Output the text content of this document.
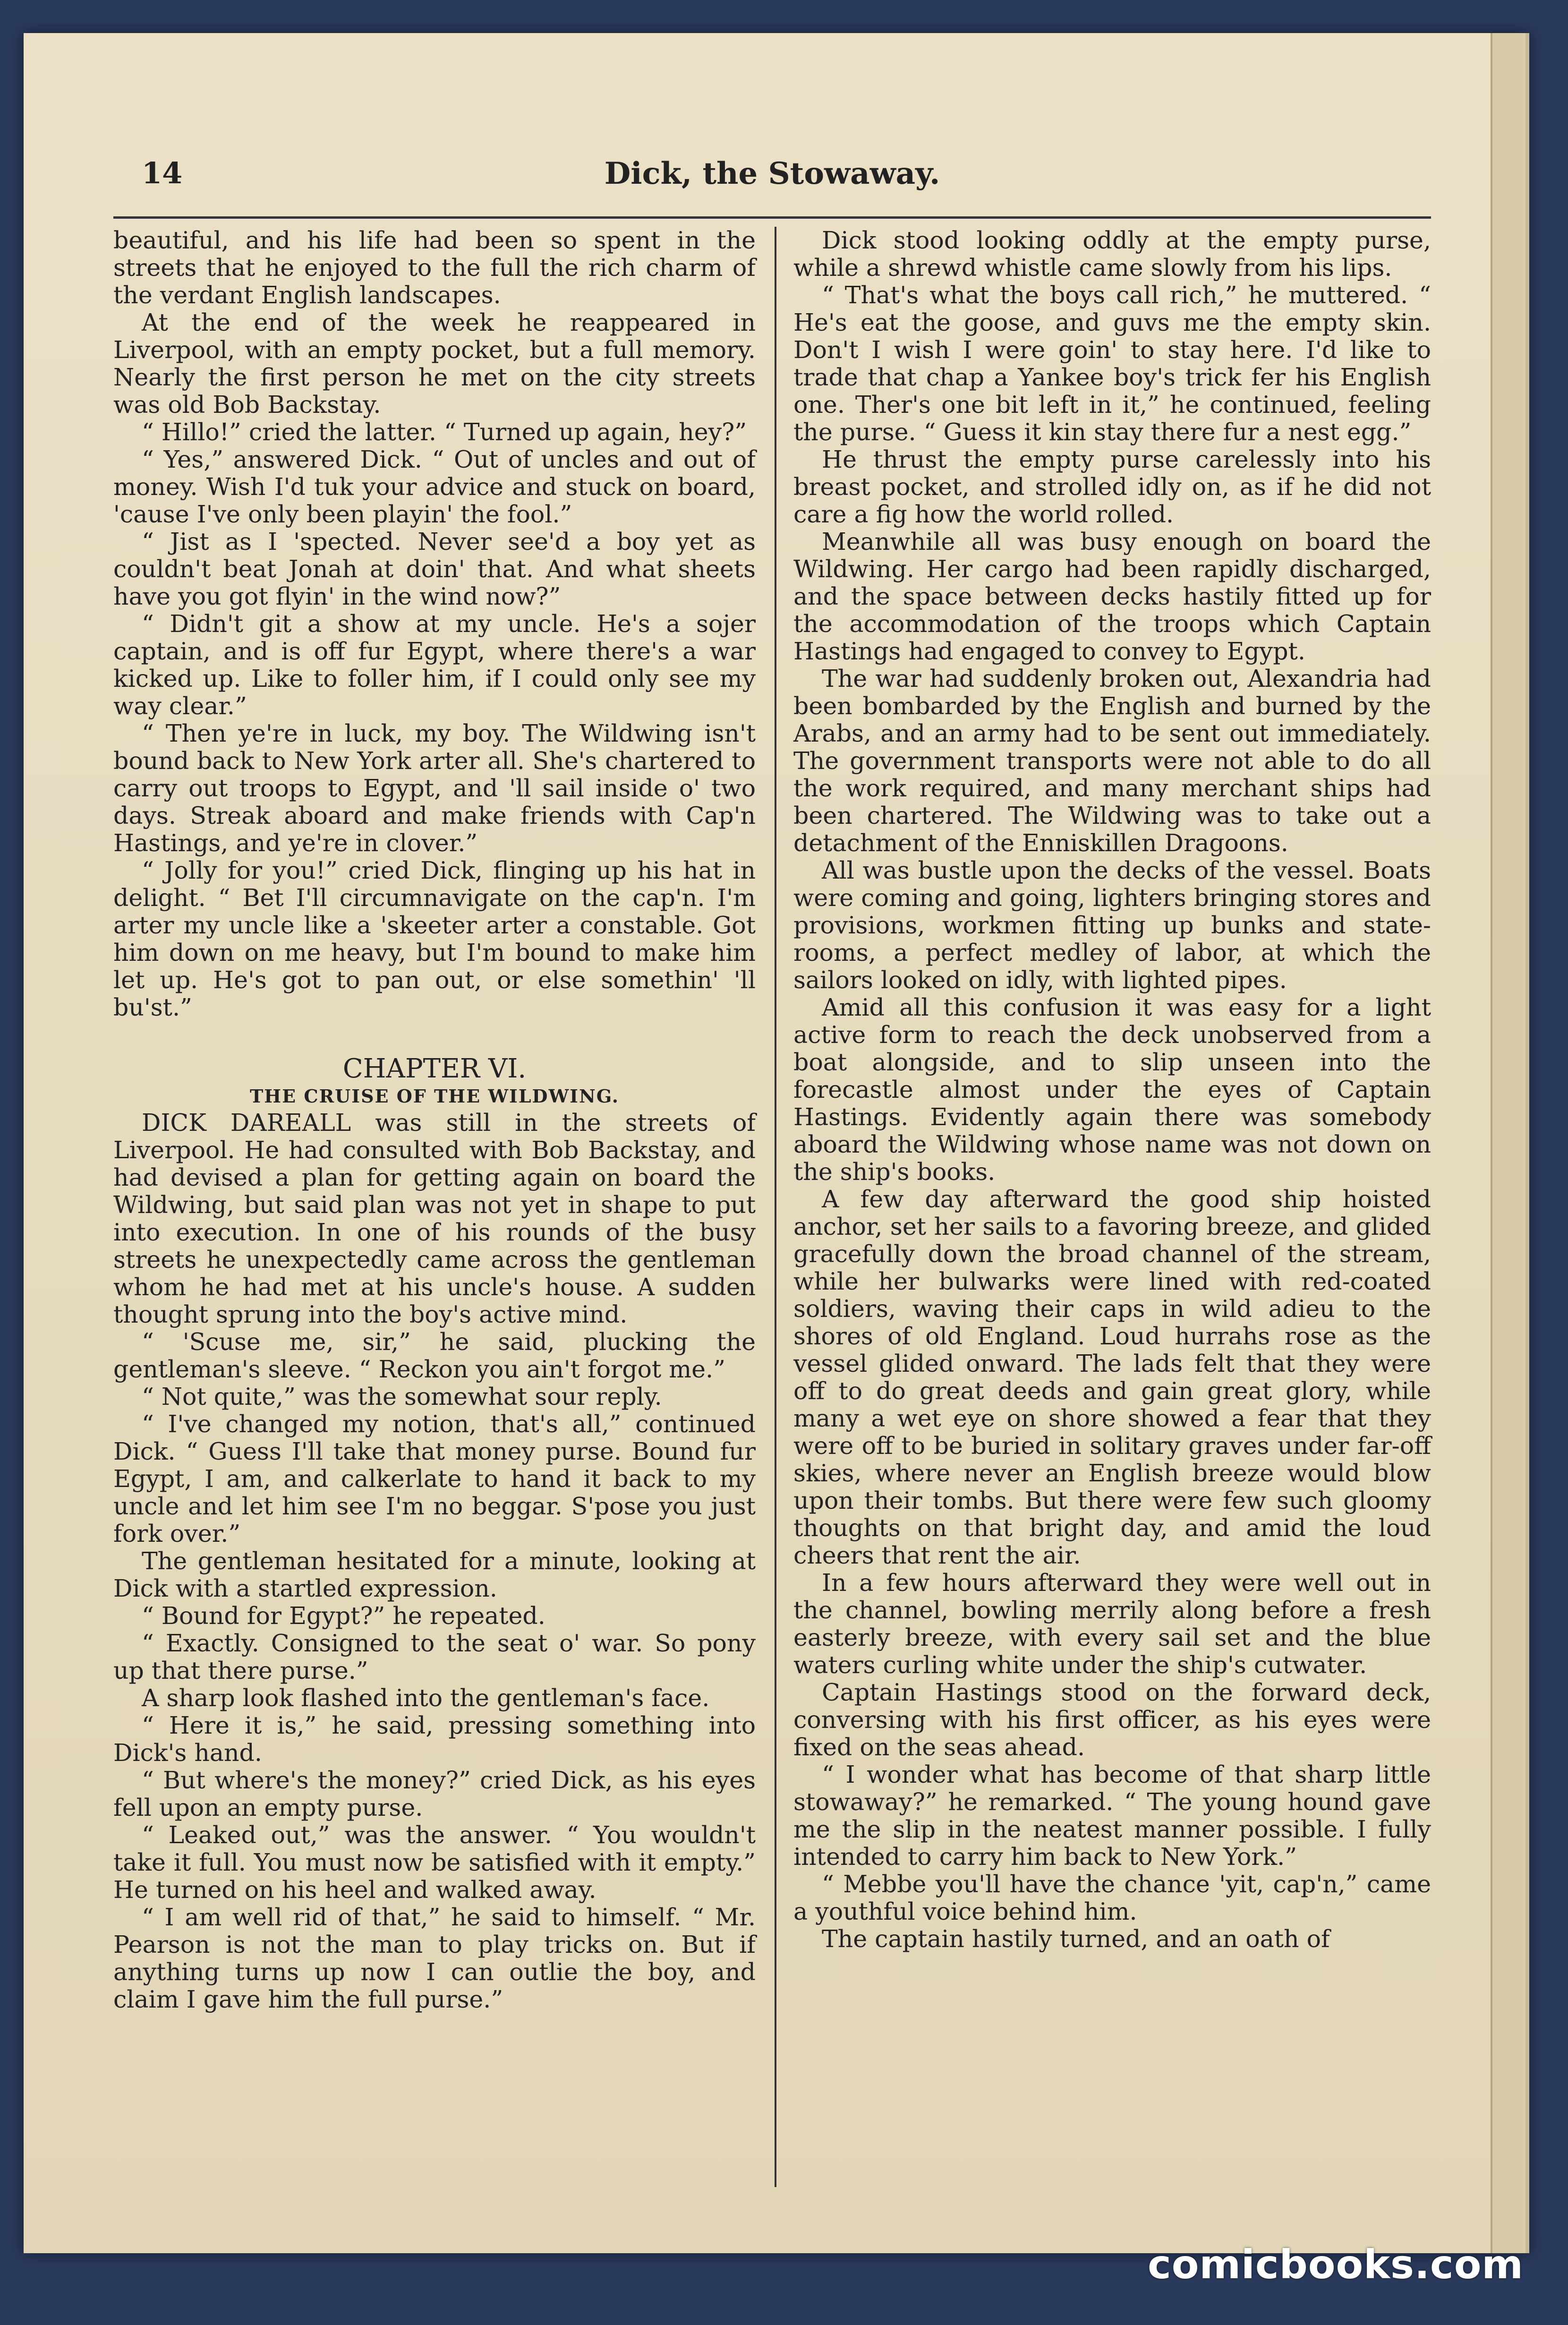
14	Dick, the Stowaway.

beautiful, and his life had been so spent in the streets that he enjoyed to the full the rich charm of the verdant English landscapes.

At the end of the week he reappeared in Liverpool, with an empty pocket, but a full memory. Nearly the first person he met on the city streets was old Bob Backstay.

“ Hillo!” cried the latter. “ Turned up again, hey?”

“ Yes,” answered Dick. “ Out of uncles and out of money. Wish I'd tuk your advice and stuck on board, 'cause I've only been playin' the fool.”

“ Jist as I 'spected. Never see'd a boy yet as couldn't beat Jonah at doin' that. And what sheets have you got flyin' in the wind now?”

“ Didn't git a show at my uncle. He's a sojer captain, and is off fur Egypt, where there's a war kicked up. Like to foller him, if I could only see my way clear.”

“ Then ye're in luck, my boy. The Wildwing isn't bound back to New York arter all. She's chartered to carry out troops to Egypt, and 'll sail inside o' two days. Streak aboard and make friends with Cap'n Hastings, and ye're in clover.”

“ Jolly for you!” cried Dick, flinging up his hat in delight. “ Bet I'll circumnavigate on the cap'n. I'm arter my uncle like a 'skeeter arter a constable. Got him down on me heavy, but I'm bound to make him let up. He's got to pan out, or else somethin' 'll bu'st.”

CHAPTER VI.
THE CRUISE OF THE WILDWING.

DICK DAREALL was still in the streets of Liverpool. He had consulted with Bob Backstay, and had devised a plan for getting again on board the Wildwing, but said plan was not yet in shape to put into execution. In one of his rounds of the busy streets he unexpectedly came across the gentleman whom he had met at his uncle's house. A sudden thought sprung into the boy's active mind.

“ 'Scuse me, sir,” he said, plucking the gentleman's sleeve. “ Reckon you ain't forgot me.”

“ Not quite,” was the somewhat sour reply.

“ I've changed my notion, that's all,” continued Dick. “ Guess I'll take that money purse. Bound fur Egypt, I am, and calkerlate to hand it back to my uncle and let him see I'm no beggar. S'pose you just fork over.”

The gentleman hesitated for a minute, looking at Dick with a startled expression.

“ Bound for Egypt?” he repeated.

“ Exactly. Consigned to the seat o' war. So pony up that there purse.”

A sharp look flashed into the gentleman's face.

“ Here it is,” he said, pressing something into Dick's hand.

“ But where's the money?” cried Dick, as his eyes fell upon an empty purse.

“ Leaked out,” was the answer. “ You wouldn't take it full. You must now be satisfied with it empty.” He turned on his heel and walked away.

“ I am well rid of that,” he said to himself. “ Mr. Pearson is not the man to play tricks on. But if anything turns up now I can outlie the boy, and claim I gave him the full purse.”

Dick stood looking oddly at the empty purse, while a shrewd whistle came slowly from his lips.

“ That's what the boys call rich,” he muttered. “ He's eat the goose, and guvs me the empty skin. Don't I wish I were goin' to stay here. I'd like to trade that chap a Yankee boy's trick fer his English one. Ther's one bit left in it,” he continued, feeling the purse. “ Guess it kin stay there fur a nest egg.”

He thrust the empty purse carelessly into his breast pocket, and strolled idly on, as if he did not care a fig how the world rolled.

Meanwhile all was busy enough on board the Wildwing. Her cargo had been rapidly discharged, and the space between decks hastily fitted up for the accommodation of the troops which Captain Hastings had engaged to convey to Egypt.

The war had suddenly broken out, Alexandria had been bombarded by the English and burned by the Arabs, and an army had to be sent out immediately. The government transports were not able to do all the work required, and many merchant ships had been chartered. The Wildwing was to take out a detachment of the Enniskillen Dragoons.

All was bustle upon the decks of the vessel. Boats were coming and going, lighters bringing stores and provisions, workmen fitting up bunks and state-rooms, a perfect medley of labor, at which the sailors looked on idly, with lighted pipes.

Amid all this confusion it was easy for a light active form to reach the deck unobserved from a boat alongside, and to slip unseen into the forecastle almost under the eyes of Captain Hastings. Evidently again there was somebody aboard the Wildwing whose name was not down on the ship's books.

A few day afterward the good ship hoisted anchor, set her sails to a favoring breeze, and glided gracefully down the broad channel of the stream, while her bulwarks were lined with red-coated soldiers, waving their caps in wild adieu to the shores of old England. Loud hurrahs rose as the vessel glided onward. The lads felt that they were off to do great deeds and gain great glory, while many a wet eye on shore showed a fear that they were off to be buried in solitary graves under far-off skies, where never an English breeze would blow upon their tombs. But there were few such gloomy thoughts on that bright day, and amid the loud cheers that rent the air.

In a few hours afterward they were well out in the channel, bowling merrily along before a fresh easterly breeze, with every sail set and the blue waters curling white under the ship's cutwater.

Captain Hastings stood on the forward deck, conversing with his first officer, as his eyes were fixed on the seas ahead.

“ I wonder what has become of that sharp little stowaway?” he remarked. “ The young hound gave me the slip in the neatest manner possible. I fully intended to carry him back to New York.”

“ Mebbe you'll have the chance 'yit, cap'n,” came a youthful voice behind him.

The captain hastily turned, and an oath of

comicbooks.com
